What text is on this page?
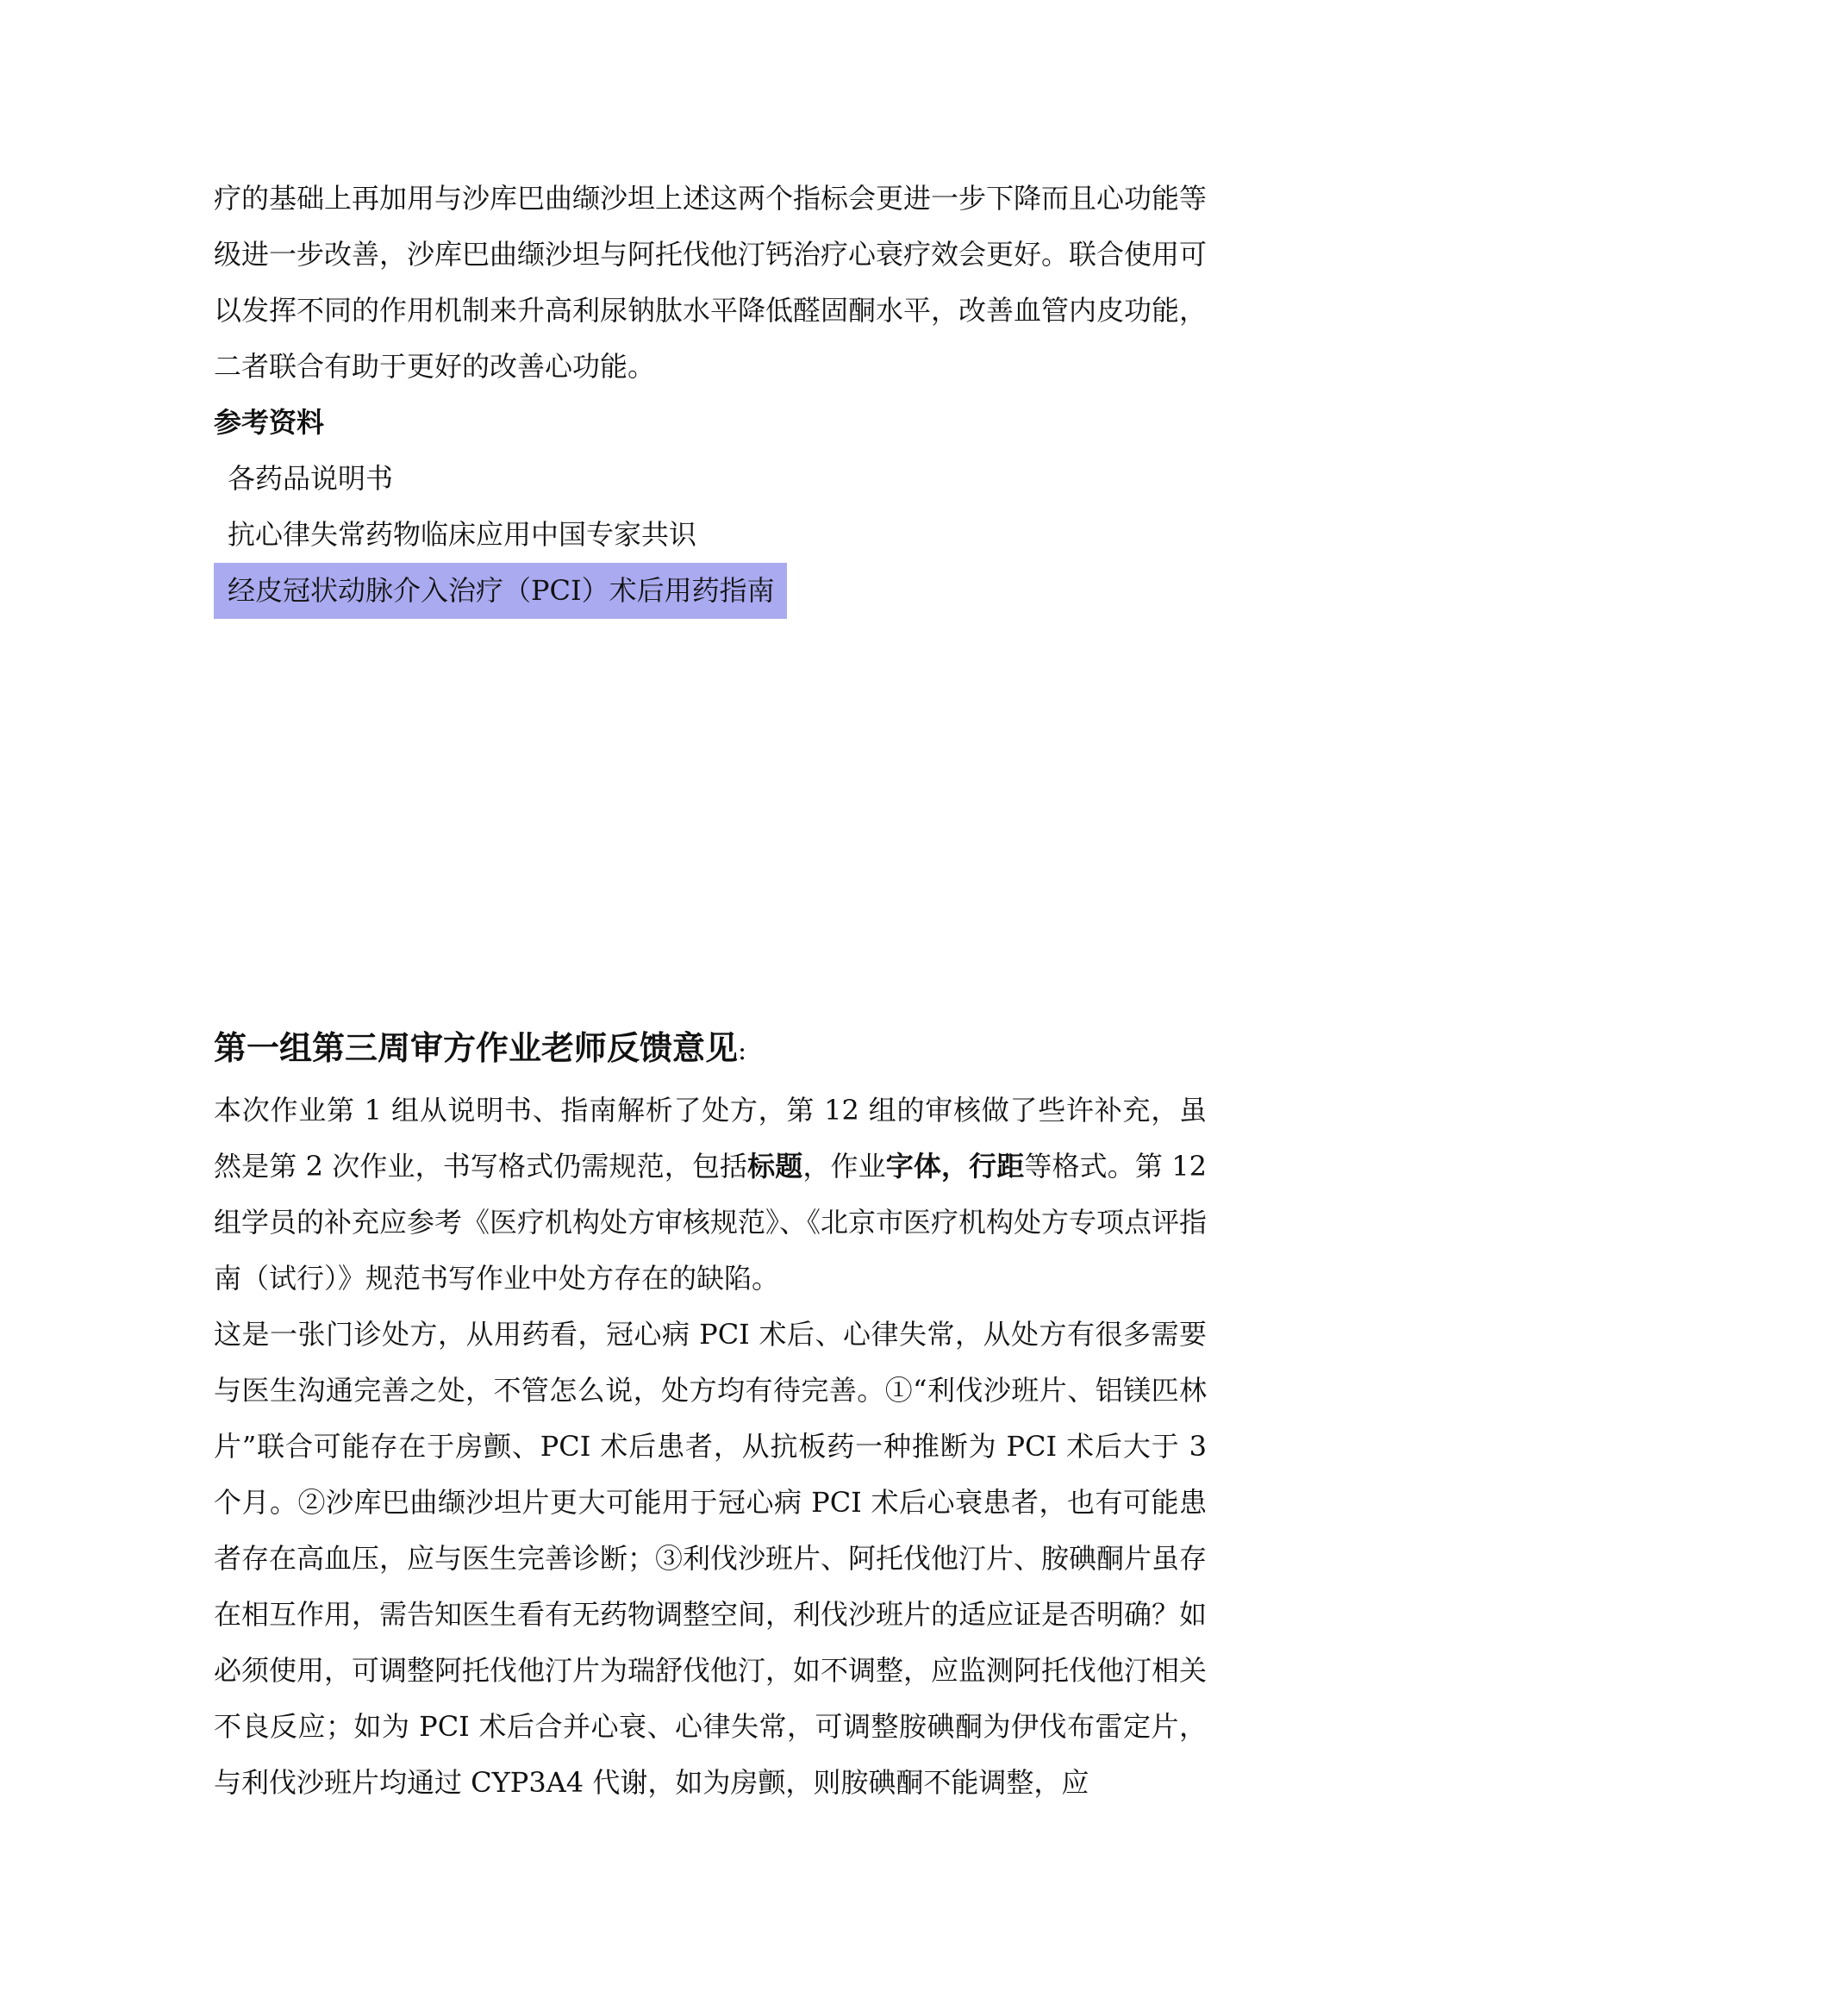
疗的基础上再加用与沙库巴曲缬沙坦上述这两个指标会更进一步下降而且心功能等级进一步改善，沙库巴曲缬沙坦与阿托伐他汀钙治疗心衰疗效会更好。联合使用可以发挥不同的作用机制来升高利尿钠肽水平降低醛固酮水平，改善血管内皮功能，二者联合有助于更好的改善心功能。

参考资料
各药品说明书
抗心律失常药物临床应用中国专家共识
经皮冠状动脉介入治疗（PCI）术后用药指南
第一组第三周审方作业老师反馈意见:

本次作业第 1 组从说明书、指南解析了处方，第 12 组的审核做了些许补充，虽然是第 2 次作业，书写格式仍需规范，包括标题，作业字体，行距等格式。第 12 组学员的补充应参考《医疗机构处方审核规范》、《北京市医疗机构处方专项点评指南（试行）》规范书写作业中处方存在的缺陷。

这是一张门诊处方，从用药看，冠心病 PCI 术后、心律失常，从处方有很多需要与医生沟通完善之处，不管怎么说，处方均有待完善。①“利伐沙班片、铝镁匹林片”联合可能存在于房颤、PCI 术后患者，从抗板药一种推断为 PCI 术后大于 3 个月。②沙库巴曲缬沙坦片更大可能用于冠心病 PCI 术后心衰患者，也有可能患者存在高血压，应与医生完善诊断；③利伐沙班片、阿托伐他汀片、胺碘酮片虽存在相互作用，需告知医生看有无药物调整空间，利伐沙班片的适应证是否明确？如必须使用，可调整阿托伐他汀片为瑞舒伐他汀，如不调整，应监测阿托伐他汀相关不良反应；如为 PCI 术后合并心衰、心律失常，可调整胺碘酮为伊伐布雷定片，与利伐沙班片均通过 CYP3A4 代谢，如为房颤，则胺碘酮不能调整，应
